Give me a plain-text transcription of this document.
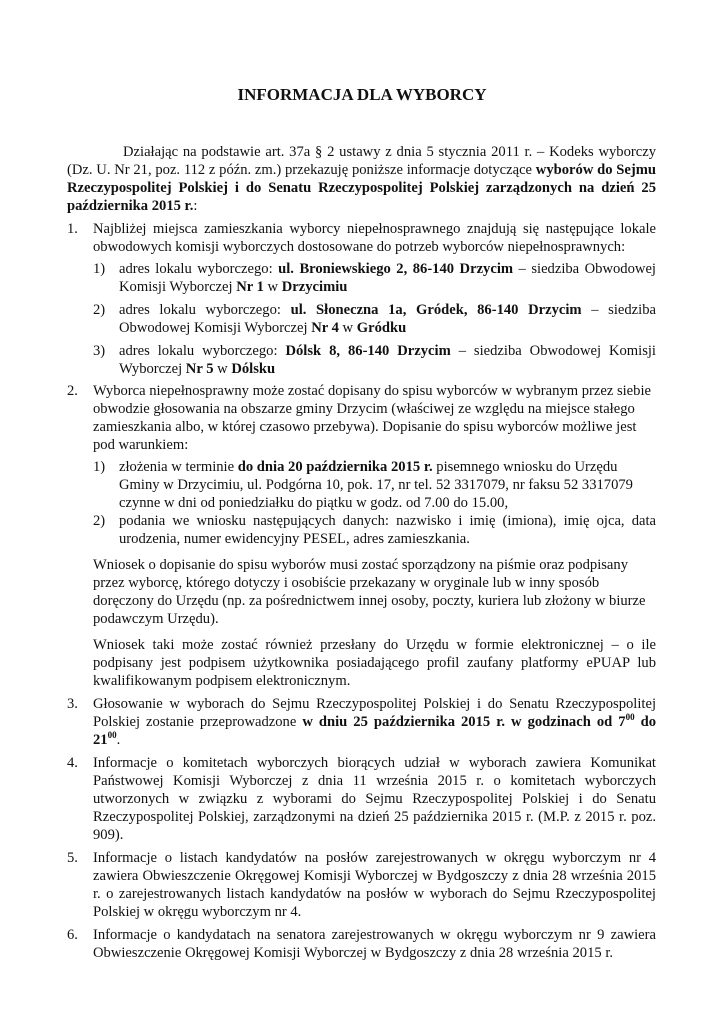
INFORMACJA DLA WYBORCY

Działając na podstawie art. 37a § 2 ustawy z dnia 5 stycznia 2011 r. – Kodeks wyborczy (Dz. U. Nr 21, poz. 112 z późn. zm.) przekazuję poniższe informacje dotyczące wyborów do Sejmu Rzeczypospolitej Polskiej i do Senatu Rzeczypospolitej Polskiej zarządzonych na dzień 25 października 2015 r.:

1. Najbliżej miejsca zamieszkania wyborcy niepełnosprawnego znajdują się następujące lokale obwodowych komisji wyborczych dostosowane do potrzeb wyborców niepełnosprawnych:

1) adres lokalu wyborczego: ul. Broniewskiego 2, 86-140 Drzycim – siedziba Obwodowej Komisji Wyborczej Nr 1 w Drzycimiu

2) adres lokalu wyborczego: ul. Słoneczna 1a, Gródek, 86-140 Drzycim – siedziba Obwodowej Komisji Wyborczej Nr 4 w Gródku

3) adres lokalu wyborczego: Dólsk 8, 86-140 Drzycim – siedziba Obwodowej Komisji Wyborczej Nr 5 w Dólsku

2. Wyborca niepełnosprawny może zostać dopisany do spisu wyborców w wybranym przez siebie obwodzie głosowania na obszarze gminy Drzycim (właściwej ze względu na miejsce stałego zamieszkania albo, w której czasowo przebywa). Dopisanie do spisu wyborców możliwe jest pod warunkiem:

1) złożenia w terminie do dnia 20 października 2015 r. pisemnego wniosku do Urzędu Gminy w Drzycimiu, ul. Podgórna 10, pok. 17, nr tel. 52 3317079, nr faksu 52 3317079 czynne w dni od poniedziałku do piątku w godz. od 7.00 do 15.00,

2) podania we wniosku następujących danych: nazwisko i imię (imiona), imię ojca, data urodzenia, numer ewidencyjny PESEL, adres zamieszkania.

Wniosek o dopisanie do spisu wyborów musi zostać sporządzony na piśmie oraz podpisany przez wyborcę, którego dotyczy i osobiście przekazany w oryginale lub w inny sposób doręczony do Urzędu (np. za pośrednictwem innej osoby, poczty, kuriera lub złożony w biurze podawczym Urzędu).

Wniosek taki może zostać również przesłany do Urzędu w formie elektronicznej – o ile podpisany jest podpisem użytkownika posiadającego profil zaufany platformy ePUAP lub kwalifikowanym podpisem elektronicznym.

3. Głosowanie w wyborach do Sejmu Rzeczypospolitej Polskiej i do Senatu Rzeczypospolitej Polskiej zostanie przeprowadzone w dniu 25 października 2015 r. w godzinach od $7^{00}$ do $21^{00}$.

4. Informacje o komitetach wyborczych biorących udział w wyborach zawiera Komunikat Państwowej Komisji Wyborczej z dnia 11 września 2015 r. o komitetach wyborczych utworzonych w związku z wyborami do Sejmu Rzeczypospolitej Polskiej i do Senatu Rzeczypospolitej Polskiej, zarządzonymi na dzień 25 października 2015 r. (M.P. z 2015 r. poz. 909).

5. Informacje o listach kandydatów na posłów zarejestrowanych w okręgu wyborczym nr 4 zawiera Obwieszczenie Okręgowej Komisji Wyborczej w Bydgoszczy z dnia 28 września 2015 r. o zarejestrowanych listach kandydatów na posłów w wyborach do Sejmu Rzeczypospolitej Polskiej w okręgu wyborczym nr 4.

6. Informacje o kandydatach na senatora zarejestrowanych w okręgu wyborczym nr 9 zawiera Obwieszczenie Okręgowej Komisji Wyborczej w Bydgoszczy z dnia 28 września 2015 r.
